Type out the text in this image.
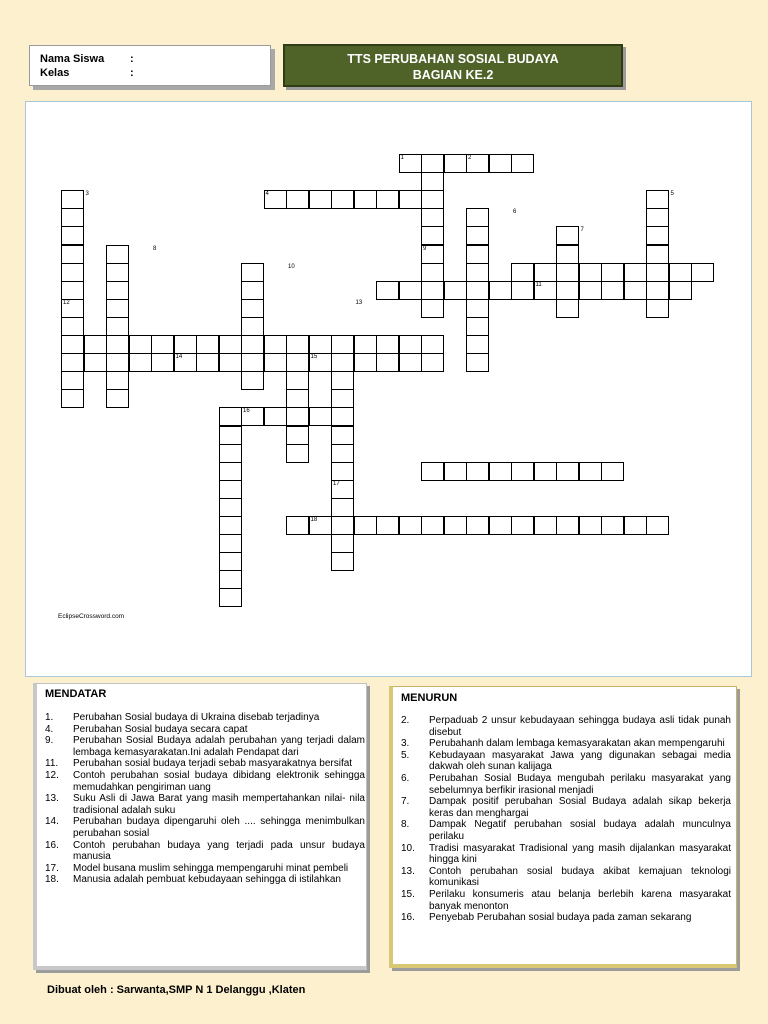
Nama Siswa	:
Kelas	:
TTS PERUBAHAN SOSIAL BUDAYA
BAGIAN KE.2
EclipseCrossword.com
1	2
3	4	5
6
7
8	9
10
11
12	13
14	15
16
17
18
MENDATAR
1.	Perubahan Sosial budaya di Ukraina disebab terjadinya
4.	Perubahan Sosial budaya secara capat
9.	Perubahan Sosial Budaya adalah perubahan yang terjadi dalam lembaga kemasyarakatan.Ini adalah Pendapat dari
11.	Perubahan sosial budaya terjadi sebab masyarakatnya bersifat
12.	Contoh perubahan sosial budaya dibidang elektronik sehingga memudahkan pengiriman uang
13.	Suku Asli di Jawa Barat yang masih mempertahankan nilai- nila tradisional adalah suku
14.	Perubahan budaya dipengaruhi oleh .... sehingga menimbulkan perubahan sosial
16.	Contoh perubahan budaya yang terjadi pada unsur budaya manusia
17.	Model busana muslim sehingga mempengaruhi minat pembeli
18.	Manusia adalah pembuat kebudayaan sehingga di istilahkan
MENURUN
2.	Perpaduab 2 unsur kebudayaan sehingga budaya asli tidak punah disebut
3.	Perubahanh dalam lembaga kemasyarakatan akan mempengaruhi
5.	Kebudayaan masyarakat Jawa yang digunakan sebagai media dakwah oleh sunan kalijaga
6.	Perubahan Sosial Budaya mengubah perilaku masyarakat yang sebelumnya berfikir irasional menjadi
7.	Dampak positif perubahan Sosial Budaya adalah sikap bekerja keras dan menghargai
8.	Dampak Negatif perubahan sosial budaya adalah munculnya perilaku
10.	Tradisi masyarakat Tradisional yang masih dijalankan masyarakat hingga kini
13.	Contoh perubahan sosial budaya akibat kemajuan teknologi komunikasi
15.	Perilaku konsumeris atau belanja berlebih karena masyarakat banyak menonton
16.	Penyebab Perubahan sosial budaya pada zaman sekarang
Dibuat oleh : Sarwanta,SMP N 1 Delanggu ,Klaten
